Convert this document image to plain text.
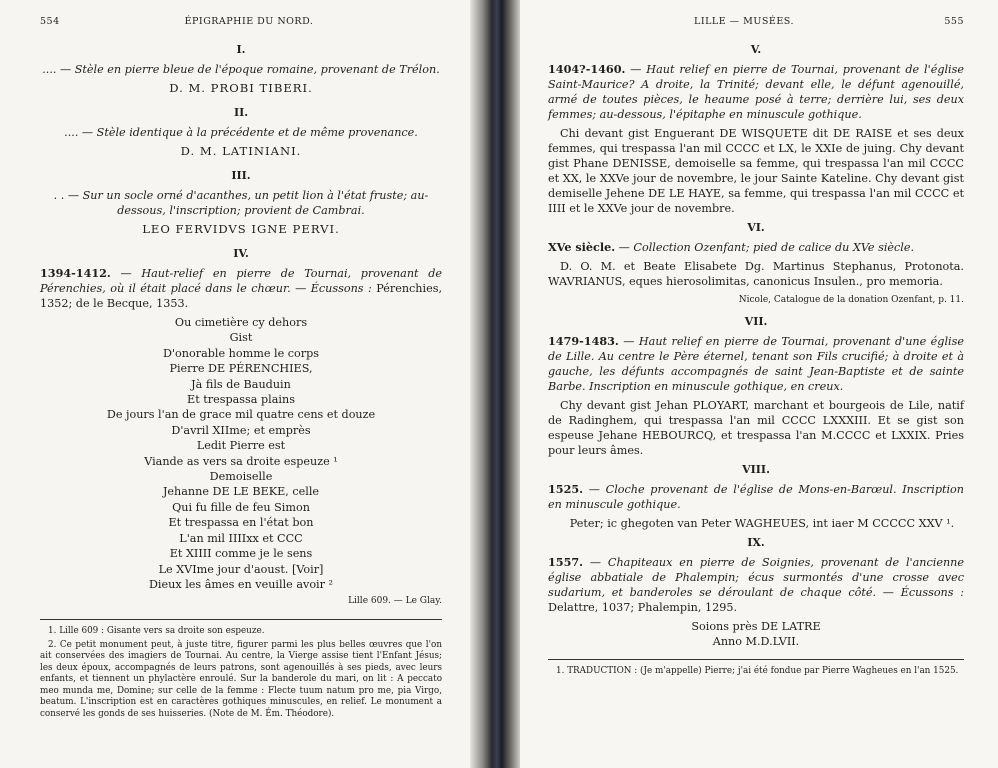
554	ÉPIGRAPHIE DU NORD.
I.
.... — Stèle en pierre bleue de l'époque romaine, provenant de Trélon.
D. M. PROBI TIBERI.
II.
.... — Stèle identique à la précédente et de même provenance.
D. M. LATINIANI.
III.
. . — Sur un socle orné d'acanthes, un petit lion à l'état fruste; au-dessous, l'inscription; provient de Cambrai.
LEO FERVIDVS IGNE PERVI.
IV.
1394-1412. — Haut-relief en pierre de Tournai, provenant de Pérenchies, où il était placé dans le chœur. — Écussons : Pérenchies, 1352; de le Becque, 1353.
Ou cimetière cy dehors
Gist
D'onorable homme le corps
Pierre DE PÉRENCHIES,
Jà fils de Bauduin
Et trespassa plains
De jours l'an de grace mil quatre cens et douze
D'avril XIIme; et emprès
Ledit Pierre est
Viande as vers sa droite espeuze ¹
Demoiselle
Jehanne DE LE BEKE, celle
Qui fu fille de feu Simon
Et trespassa en l'état bon
L'an mil IIIIxx et CCC
Et XIIII comme je le sens
Le XVIme jour d'aoust. [Voir]
Dieux les âmes en veuille avoir ²
Lille 609. — Le Glay.

1. Lille 609 : Gisante vers sa droite son espeuze.

2. Ce petit monument peut, à juste titre, figurer parmi les plus belles œuvres que l'on ait conservées des imagiers de Tournai. Au centre, la Vierge assise tient l'Enfant Jésus; les deux époux, accompagnés de leurs patrons, sont agenouillés à ses pieds, avec leurs enfants, et tiennent un phylactère enroulé. Sur la banderole du mari, on lit : A peccato meo munda me, Domine; sur celle de la femme : Flecte tuum natum pro me, pia Virgo, beatum. L'inscription est en caractères gothiques minuscules, en relief. Le monument a conservé les gonds de ses huisseries. (Note de M. Ém. Théodore).

LILLE — MUSÉES.	555
V.
1404?-1460. — Haut relief en pierre de Tournai, provenant de l'église Saint-Maurice? A droite, la Trinité; devant elle, le défunt agenouillé, armé de toutes pièces, le heaume posé à terre; derrière lui, ses deux femmes; au-dessous, l'épitaphe en minuscule gothique.
Chi devant gist Enguerant DE WISQUETE dit DE RAISE et ses deux femmes, qui trespassa l'an mil CCCC et LX, le XXIe de juing. Chy devant gist Phane DENISSE, demoiselle sa femme, qui trespassa l'an mil CCCC et XX, le XXVe jour de novembre, le jour Sainte Kateline. Chy devant gist demiselle Jehene DE LE HAYE, sa femme, qui trespassa l'an mil CCCC et IIII et le XXVe jour de novembre.
VI.
XVe siècle. — Collection Ozenfant; pied de calice du XVe siècle.
D. O. M. et Beate Elisabete Dg. Martinus Stephanus, Protonota. WAVRIANUS, eques hierosolimitas, canonicus Insulen., pro memoria.
Nicole, Catalogue de la donation Ozenfant, p. 11.
VII.
1479-1483. — Haut relief en pierre de Tournai, provenant d'une église de Lille. Au centre le Père éternel, tenant son Fils crucifié; à droite et à gauche, les défunts accompagnés de saint Jean-Baptiste et de sainte Barbe. Inscription en minuscule gothique, en creux.
Chy devant gist Jehan PLOYART, marchant et bourgeois de Lile, natif de Radinghem, qui trespassa l'an mil CCCC LXXXIII. Et se gist son espeuse Jehane HEBOURCQ, et trespassa l'an M.CCCC et LXXIX. Pries pour leurs âmes.
VIII.
1525. — Cloche provenant de l'église de Mons-en-Barœul. Inscription en minuscule gothique.
Peter; ic ghegoten van Peter WAGHEUES, int iaer M CCCCC XXV ¹.
IX.
1557. — Chapiteaux en pierre de Soignies, provenant de l'ancienne église abbatiale de Phalempin; écus surmontés d'une crosse avec sudarium, et banderoles se déroulant de chaque côté. — Écussons : Delattre, 1037; Phalempin, 1295.
Soions près DE LATRE
Anno M.D.LVII.

1. TRADUCTION : (Je m'appelle) Pierre; j'ai été fondue par Pierre Wagheues en l'an 1525.
